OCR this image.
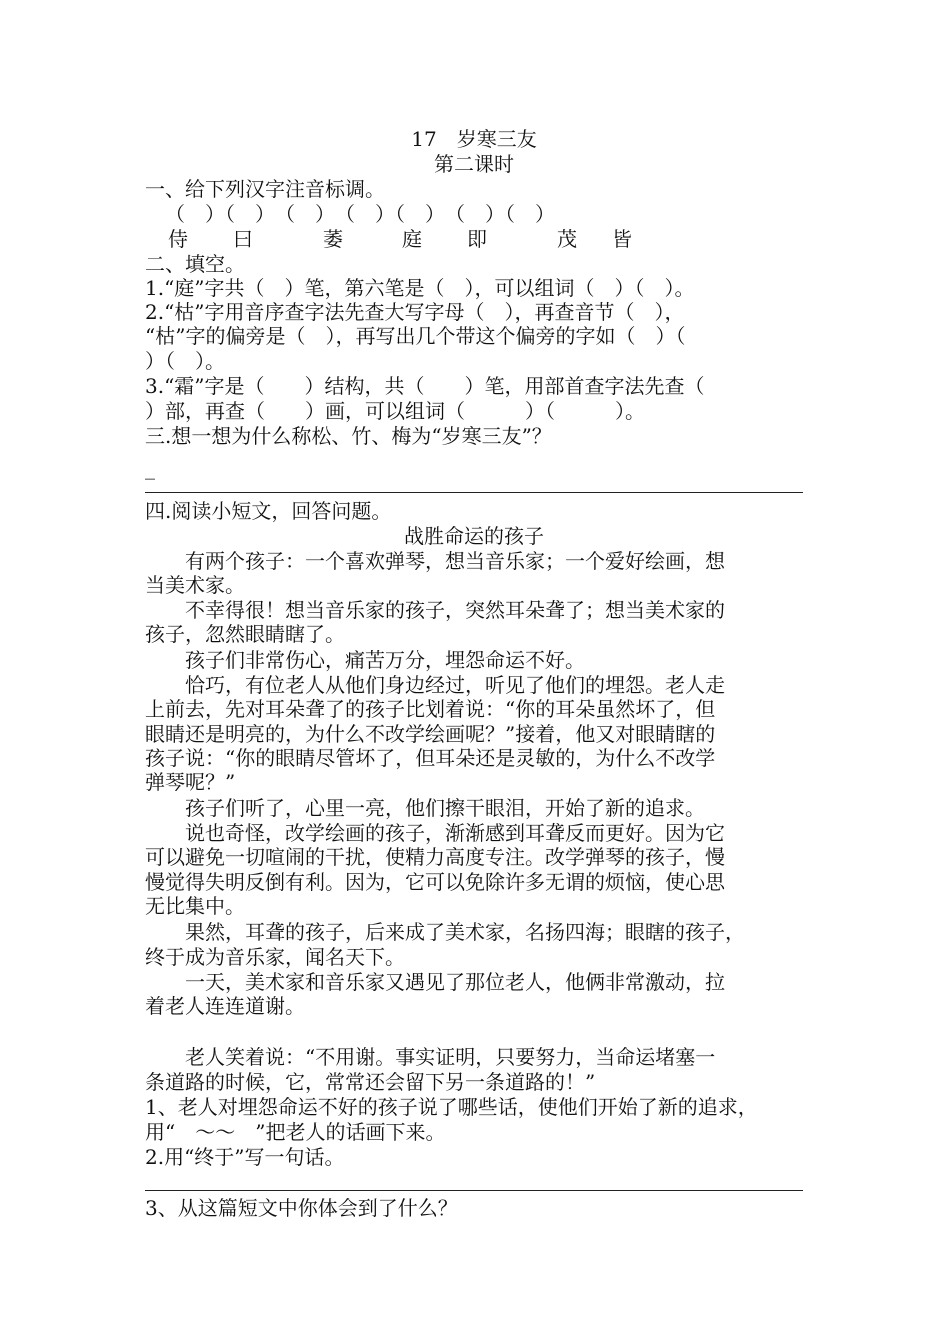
17　岁寒三友
第二课时
一、给下列汉字注音标调。
（　）（　）　（　）　（　）（　）　（　）（　）
侍 曰	萎	庭 即	茂 皆
二、填空。
1.“庭”字共（　）笔，第六笔是（　），可以组词（　）（　）。
2.“枯”字用音序查字法先查大写字母（　），再查音节（　），
“枯”字的偏旁是（　），再写出几个带这个偏旁的字如（　）（
）（　）。
3.“霜”字是（　　）结构，共（　　）笔，用部首查字法先查（
）部，再查（　　）画，可以组词（　　　）（　　　）。
三.想一想为什么称松、竹、梅为“岁寒三友”？
_
四.阅读小短文，回答问题。
战胜命运的孩子
　　有两个孩子：一个喜欢弹琴，想当音乐家；一个爱好绘画，想
当美术家。
　　不幸得很！想当音乐家的孩子，突然耳朵聋了；想当美术家的
孩子，忽然眼睛瞎了。
　　孩子们非常伤心，痛苦万分，埋怨命运不好。
　　恰巧，有位老人从他们身边经过，听见了他们的埋怨。老人走
上前去，先对耳朵聋了的孩子比划着说：“你的耳朵虽然坏了，但
眼睛还是明亮的，为什么不改学绘画呢？”接着，他又对眼睛瞎的
孩子说：“你的眼睛尽管坏了，但耳朵还是灵敏的，为什么不改学
弹琴呢？”
　　孩子们听了，心里一亮，他们擦干眼泪，开始了新的追求。
　　说也奇怪，改学绘画的孩子，渐渐感到耳聋反而更好。因为它
可以避免一切喧闹的干扰，使精力高度专注。改学弹琴的孩子，慢
慢觉得失明反倒有利。因为，它可以免除许多无谓的烦恼，使心思
无比集中。
　　果然，耳聋的孩子，后来成了美术家，名扬四海；眼瞎的孩子，
终于成为音乐家，闻名天下。
　　一天，美术家和音乐家又遇见了那位老人，他俩非常激动，拉
着老人连连道谢。
　　老人笑着说：“不用谢。事实证明，只要努力，当命运堵塞一
条道路的时候，它，常常还会留下另一条道路的！”
1、老人对埋怨命运不好的孩子说了哪些话，使他们开始了新的追求，
用“　～～　”把老人的话画下来。
2.用“终于”写一句话。
3、从这篇短文中你体会到了什么？
